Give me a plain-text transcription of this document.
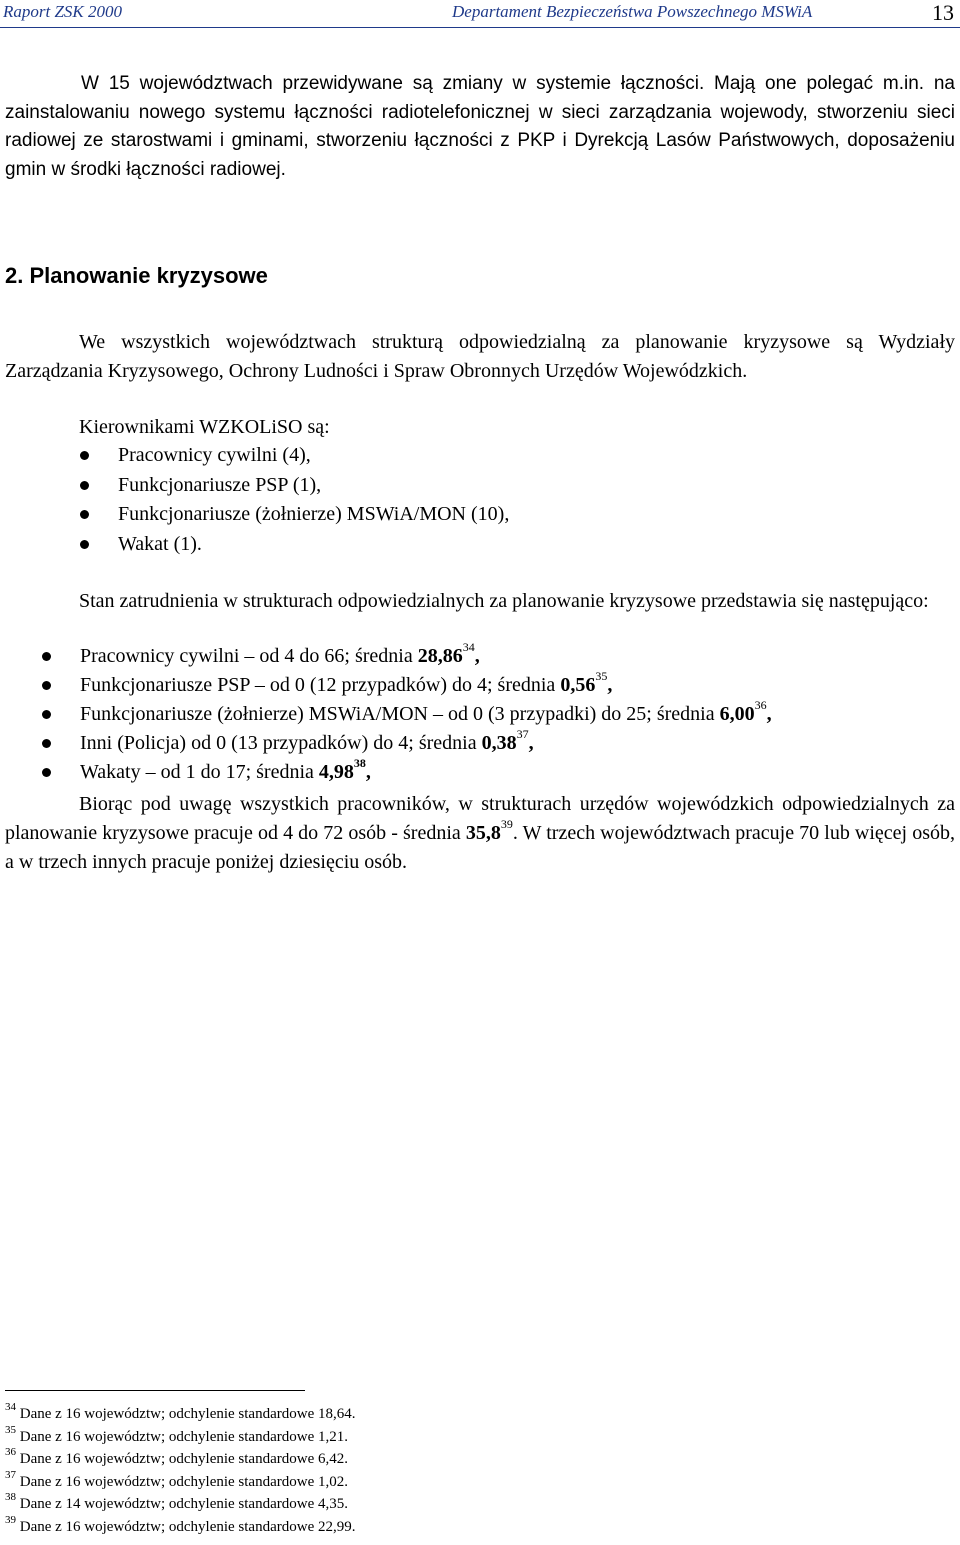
Raport ZSK 2000	Departament Bezpieczeństwa Powszechnego MSWiA	13

W 15 województwach przewidywane są zmiany w systemie łączności. Mają one polegać m.in. na zainstalowaniu nowego systemu łączności radiotelefonicznej w sieci zarządzania wojewody, stworzeniu sieci radiowej ze starostwami i gminami, stworzeniu łączności z PKP i Dyrekcją Lasów Państwowych, doposażeniu gmin w środki łączności radiowej.

2. Planowanie kryzysowe

We wszystkich województwach strukturą odpowiedzialną za planowanie kryzysowe są Wydziały Zarządzania Kryzysowego, Ochrony Ludności i Spraw Obronnych Urzędów Wojewódzkich.

Kierownikami WZKOLiSO są:

Pracownicy cywilni (4),
Funkcjonariusze PSP (1),
Funkcjonariusze (żołnierze) MSWiA/MON (10),
Wakat (1).

Stan zatrudnienia w strukturach odpowiedzialnych za planowanie kryzysowe przedstawia się następująco:

Pracownicy cywilni – od 4 do 66; średnia 28,86$^{34}$,
Funkcjonariusze PSP – od 0 (12 przypadków) do 4; średnia 0,56$^{35}$,
Funkcjonariusze (żołnierze) MSWiA/MON – od 0 (3 przypadki) do 25; średnia 6,00$^{36}$,
Inni (Policja) od 0 (13 przypadków) do 4; średnia 0,38$^{37}$,
Wakaty – od 1 do 17; średnia 4,98$^{38}$,

Biorąc pod uwagę wszystkich pracowników, w strukturach urzędów wojewódzkich odpowiedzialnych za planowanie kryzysowe pracuje od 4 do 72 osób - średnia 35,8$^{39}$. W trzech województwach pracuje 70 lub więcej osób, a w trzech innych pracuje poniżej dziesięciu osób.

$^{34}$ Dane z 16 województw; odchylenie standardowe 18,64.
$^{35}$ Dane z 16 województw; odchylenie standardowe 1,21.
$^{36}$ Dane z 16 województw; odchylenie standardowe 6,42.
$^{37}$ Dane z 16 województw; odchylenie standardowe 1,02.
$^{38}$ Dane z 14 województw; odchylenie standardowe 4,35.
$^{39}$ Dane z 16 województw; odchylenie standardowe 22,99.
